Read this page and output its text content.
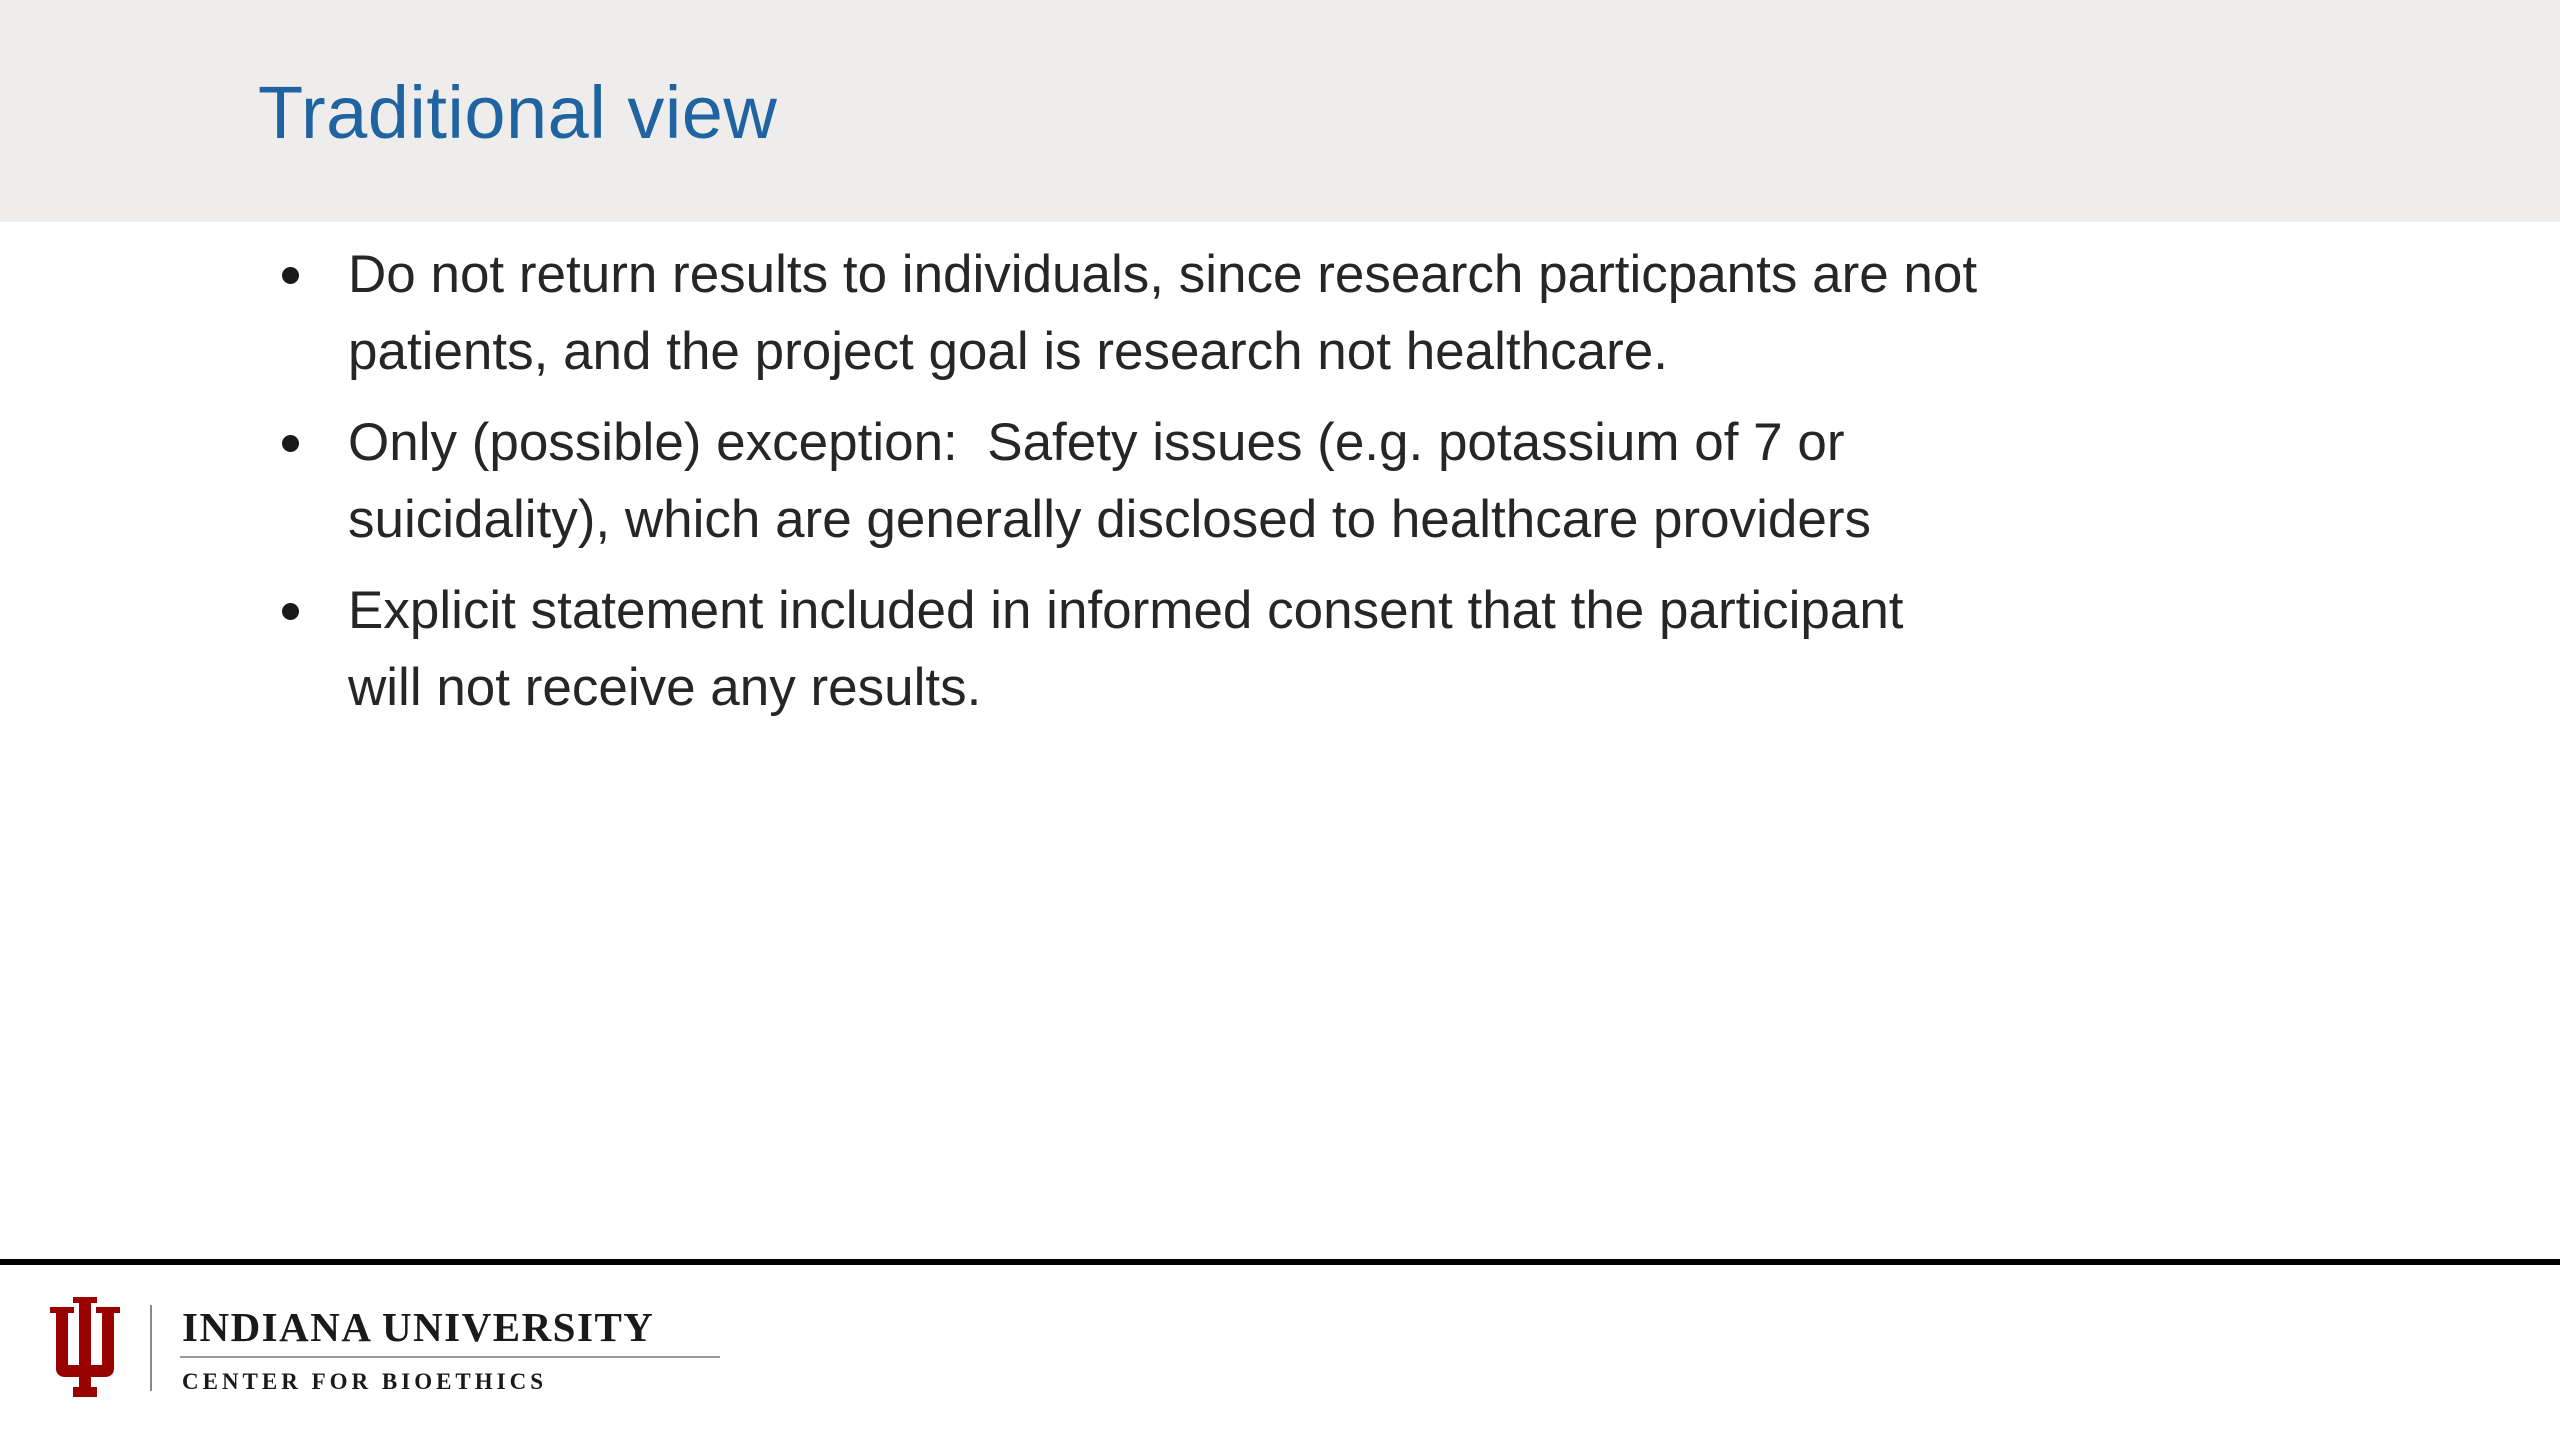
Traditional view
Do not return results to individuals, since research particpants are not
patients, and the project goal is research not healthcare.
Only (possible) exception:  Safety issues (e.g. potassium of 7 or
suicidality), which are generally disclosed to healthcare providers
Explicit statement included in informed consent that the participant
will not receive any results.
INDIANA UNIVERSITY
CENTER FOR BIOETHICS
